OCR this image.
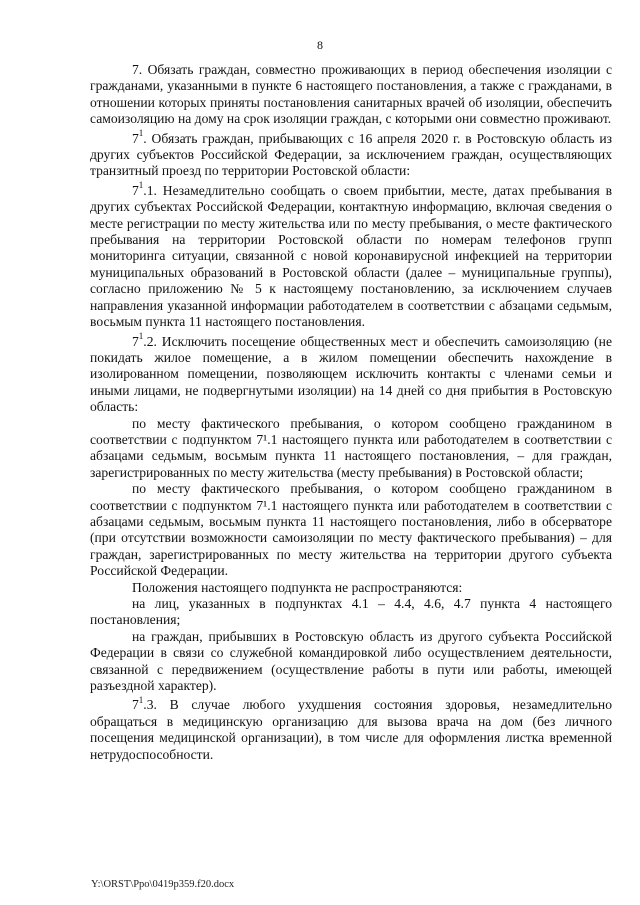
8

7. Обязать граждан, совместно проживающих в период обеспечения изоляции с гражданами, указанными в пункте 6 настоящего постановления, а также с гражданами, в отношении которых приняты постановления санитарных врачей об изоляции, обеспечить самоизоляцию на дому на срок изоляции граждан, с которыми они совместно проживают.

$7^1$. Обязать граждан, прибывающих с 16 апреля 2020 г. в Ростовскую область из других субъектов Российской Федерации, за исключением граждан, осуществляющих транзитный проезд по территории Ростовской области:

$7^1.1$. Незамедлительно сообщать о своем прибытии, месте, датах пребывания в других субъектах Российской Федерации, контактную информацию, включая сведения о месте регистрации по месту жительства или по месту пребывания, о месте фактического пребывания на территории Ростовской области по номерам телефонов групп мониторинга ситуации, связанной с новой коронавирусной инфекцией на территории муниципальных образований в Ростовской области (далее – муниципальные группы), согласно приложению № 5 к настоящему постановлению, за исключением случаев направления указанной информации работодателем в соответствии с абзацами седьмым, восьмым пункта 11 настоящего постановления.

$7^1.2$. Исключить посещение общественных мест и обеспечить самоизоляцию (не покидать жилое помещение, а в жилом помещении обеспечить нахождение в изолированном помещении, позволяющем исключить контакты с членами семьи и иными лицами, не подвергнутыми изоляции) на 14 дней со дня прибытия в Ростовскую область:

по месту фактического пребывания, о котором сообщено гражданином в соответствии с подпунктом 7¹.1 настоящего пункта или работодателем в соответствии с абзацами седьмым, восьмым пункта 11 настоящего постановления, – для граждан, зарегистрированных по месту жительства (месту пребывания) в Ростовской области;

по месту фактического пребывания, о котором сообщено гражданином в соответствии с подпунктом 7¹.1 настоящего пункта или работодателем в соответствии с абзацами седьмым, восьмым пункта 11 настоящего постановления, либо в обсерваторе (при отсутствии возможности самоизоляции по месту фактического пребывания) – для граждан, зарегистрированных по месту жительства на территории другого субъекта Российской Федерации.

Положения настоящего подпункта не распространяются:

на лиц, указанных в подпунктах 4.1 – 4.4, 4.6, 4.7 пункта 4 настоящего постановления;

на граждан, прибывших в Ростовскую область из другого субъекта Российской Федерации в связи со служебной командировкой либо осуществлением деятельности, связанной с передвижением (осуществление работы в пути или работы, имеющей разъездной характер).

$7^1.3$. В случае любого ухудшения состояния здоровья, незамедлительно обращаться в медицинскую организацию для вызова врача на дом (без личного посещения медицинской организации), в том числе для оформления листка временной нетрудоспособности.

Y:\ORST\Ppo\0419p359.f20.docx
